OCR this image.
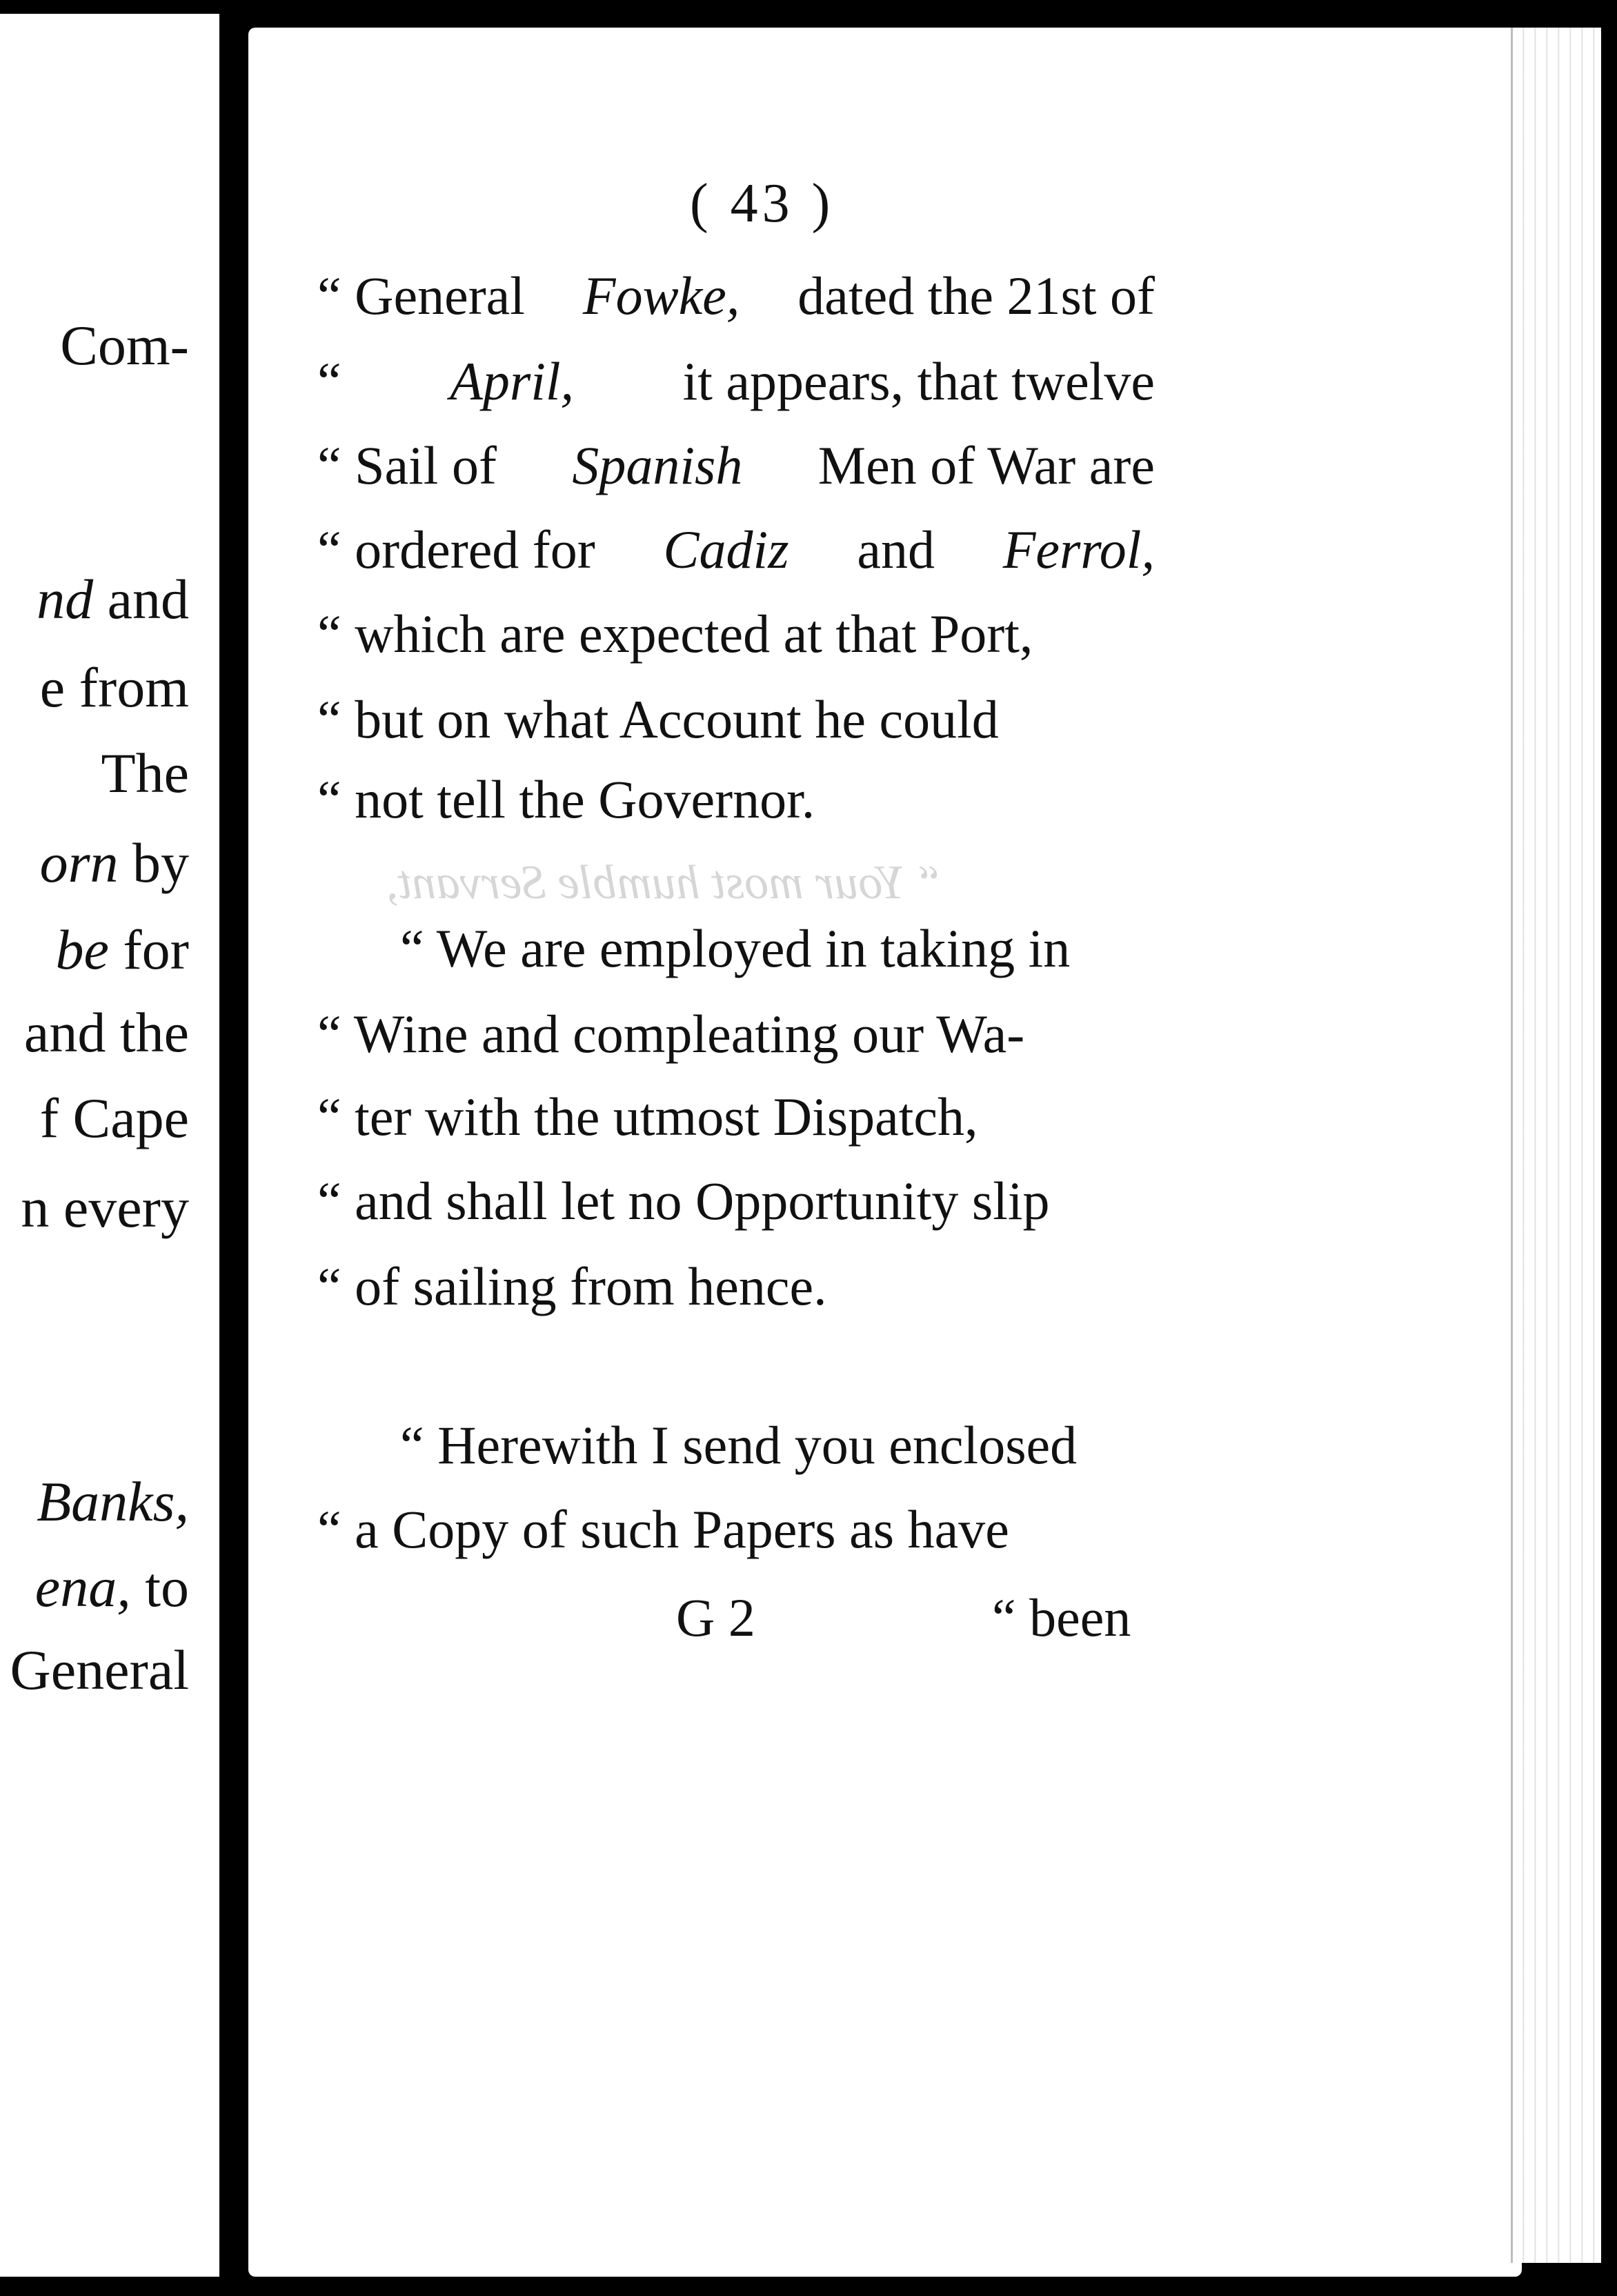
Com-
nd and
e from
The
orn by
be for
and the
f Cape
n every
Banks,
ena, to
General
“ Your most humble Servant,
( 43 )
“ General Fowke, dated the 21st of
“ April, it appears, that twelve
“ Sail of Spanish Men of War are
“ ordered for Cadiz and Ferrol,
“ which are expected at that Port,
“ but on what Account he could
“ not tell the Governor.
“ We are employed in taking in
“ Wine and compleating our Wa-
“ ter with the utmost Dispatch,
“ and shall let no Opportunity slip
“ of sailing from hence.
“ Herewith I send you enclosed
“ a Copy of such Papers as have
G 2	“ been
